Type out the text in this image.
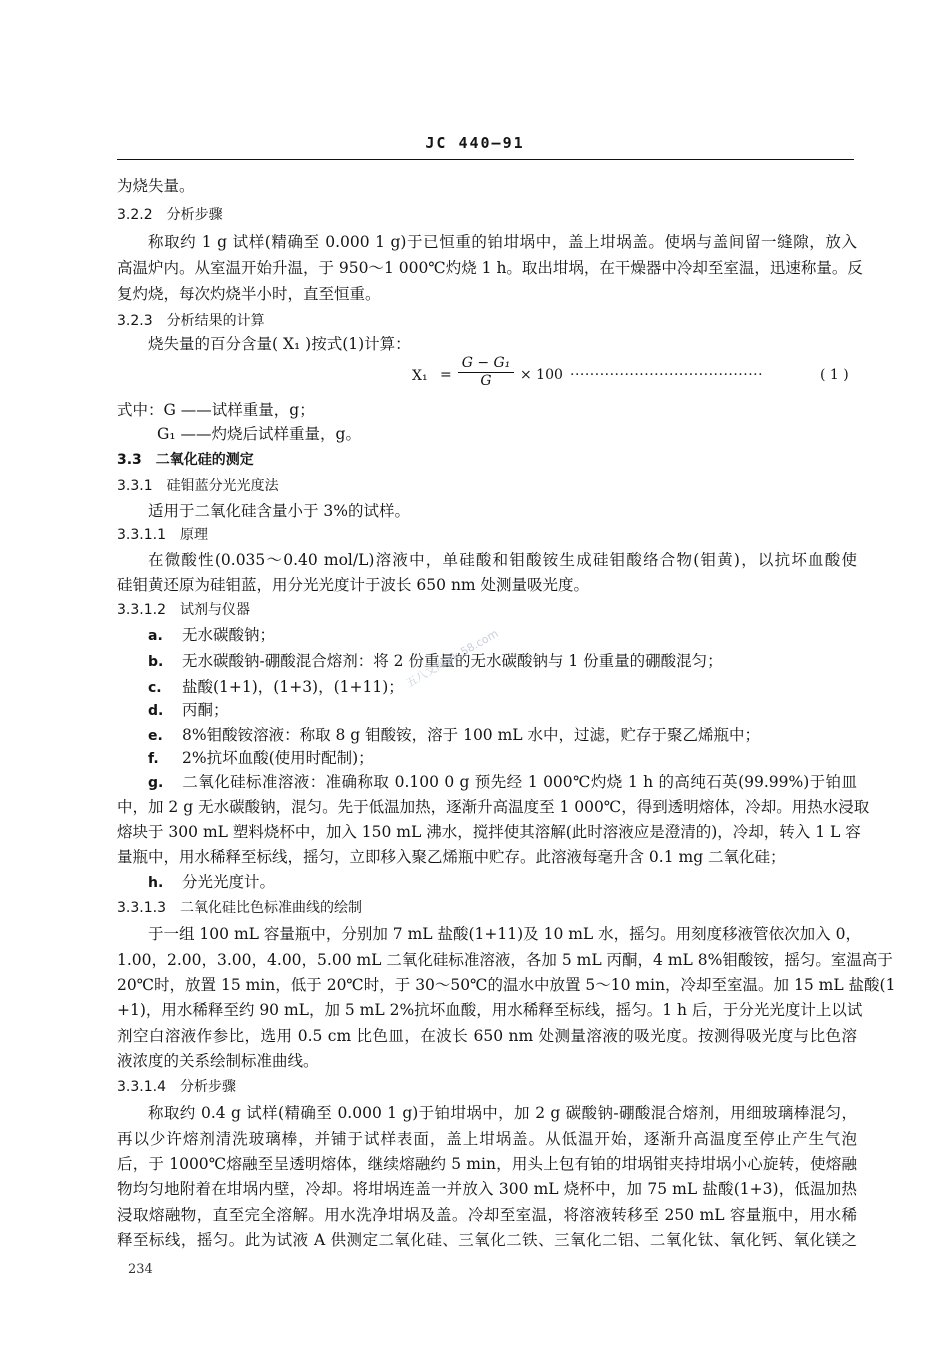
JC 440—91
为烧失量。
3.2.2　分析步骤
称取约 1 g 试样(精确至 0.000 1 g)于已恒重的铂坩埚中，盖上坩埚盖。使埚与盖间留一缝隙，放入
高温炉内。从室温开始升温，于 950～1 000℃灼烧 1 h。取出坩埚，在干燥器中冷却至室温，迅速称量。反
复灼烧，每次灼烧半小时，直至恒重。
3.2.3　分析结果的计算
烧失量的百分含量( X₁ )按式(1)计算：
$X_1 = \frac{\text{G − G₁}}{G} \times 100$ ·······································	( 1 )
式中：G ——试样重量，g；
G₁ ——灼烧后试样重量，g。
3.3　二氧化硅的测定
3.3.1　硅钼蓝分光光度法
适用于二氧化硅含量小于 3%的试样。
3.3.1.1　原理
在微酸性(0.035～0.40 mol/L)溶液中，单硅酸和钼酸铵生成硅钼酸络合物(钼黄)，以抗坏血酸使
硅钼黄还原为硅钼蓝，用分光光度计于波长 650 nm 处测量吸光度。
3.3.1.2　试剂与仪器
a. 无水碳酸钠；
b. 无水碳酸钠-硼酸混合熔剂：将 2 份重量的无水碳酸钠与 1 份重量的硼酸混匀；
c. 盐酸(1+1)，(1+3)，(1+11)；
d. 丙酮；
e. 8%钼酸铵溶液：称取 8 g 钼酸铵，溶于 100 mL 水中，过滤，贮存于聚乙烯瓶中；
f. 2%抗坏血酸(使用时配制)；
g. 二氧化硅标准溶液：准确称取 0.100 0 g 预先经 1 000℃灼烧 1 h 的高纯石英(99.99%)于铂皿
中，加 2 g 无水碳酸钠，混匀。先于低温加热，逐渐升高温度至 1 000℃，得到透明熔体，冷却。用热水浸取
熔块于 300 mL 塑料烧杯中，加入 150 mL 沸水，搅拌使其溶解(此时溶液应是澄清的)，冷却，转入 1 L 容
量瓶中，用水稀释至标线，摇匀，立即移入聚乙烯瓶中贮存。此溶液每毫升含 0.1 mg 二氧化硅；
h. 分光光度计。
3.3.1.3　二氧化硅比色标准曲线的绘制
于一组 100 mL 容量瓶中，分别加 7 mL 盐酸(1+11)及 10 mL 水，摇匀。用刻度移液管依次加入 0，
1.00，2.00，3.00，4.00，5.00 mL 二氧化硅标准溶液，各加 5 mL 丙酮，4 mL 8%钼酸铵，摇匀。室温高于
20℃时，放置 15 min，低于 20℃时，于 30～50℃的温水中放置 5～10 min，冷却至室温。加 15 mL 盐酸(1
+1)，用水稀释至约 90 mL，加 5 mL 2%抗坏血酸，用水稀释至标线，摇匀。1 h 后，于分光光度计上以试
剂空白溶液作参比，选用 0.5 cm 比色皿，在波长 650 nm 处测量溶液的吸光度。按测得吸光度与比色溶
液浓度的关系绘制标准曲线。
3.3.1.4　分析步骤
称取约 0.4 g 试样(精确至 0.000 1 g)于铂坩埚中，加 2 g 碳酸钠-硼酸混合熔剂，用细玻璃棒混匀，
再以少许熔剂清洗玻璃棒，并铺于试样表面，盖上坩埚盖。从低温开始，逐渐升高温度至停止产生气泡
后，于 1000℃熔融至呈透明熔体，继续熔融约 5 min，用头上包有铂的坩埚钳夹持坩埚小心旋转，使熔融
物均匀地附着在坩埚内壁，冷却。将坩埚连盖一并放入 300 mL 烧杯中，加 75 mL 盐酸(1+3)，低温加热
浸取熔融物，直至完全溶解。用水洗净坩埚及盖。冷却至室温，将溶液转移至 250 mL 容量瓶中，用水稀
释至标线，摇匀。此为试液 A 供测定二氧化硅、三氧化二铁、三氧化二铝、二氧化钛、氧化钙、氧化镁之
五八文库wk.58.com
234
